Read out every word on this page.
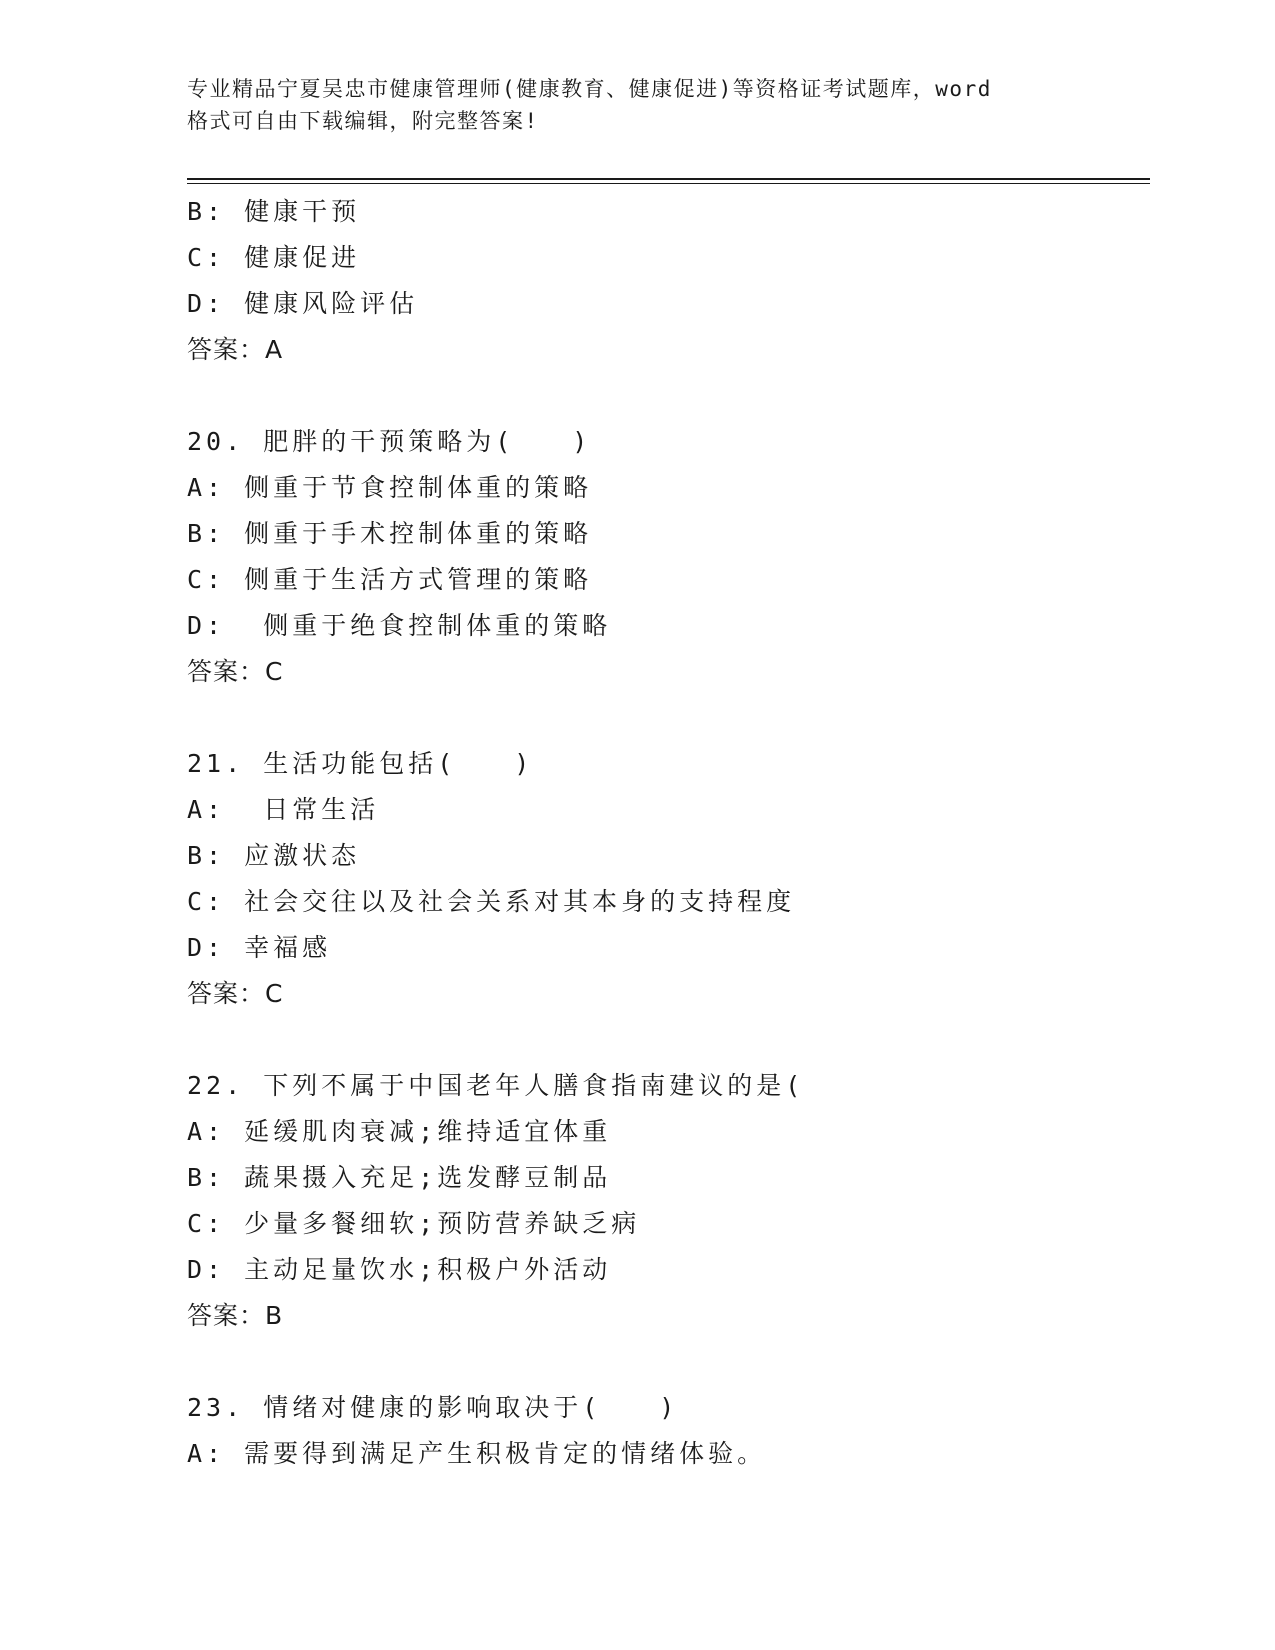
专业精品宁夏吴忠市健康管理师(健康教育、健康促进)等资格证考试题库，word
格式可自由下载编辑，附完整答案!
B: 健康干预
C: 健康促进
D: 健康风险评估
答案：A
20. 肥胖的干预策略为(　　)
A: 侧重于节食控制体重的策略
B: 侧重于手术控制体重的策略
C: 侧重于生活方式管理的策略
D:  侧重于绝食控制体重的策略
答案：C
21. 生活功能包括(　　)
A:  日常生活
B: 应激状态
C: 社会交往以及社会关系对其本身的支持程度
D: 幸福感
答案：C
22. 下列不属于中国老年人膳食指南建议的是(
A: 延缓肌肉衰减;维持适宜体重
B: 蔬果摄入充足;选发酵豆制品
C: 少量多餐细软;预防营养缺乏病
D: 主动足量饮水;积极户外活动
答案：B
23. 情绪对健康的影响取决于(　　)
A: 需要得到满足产生积极肯定的情绪体验。
